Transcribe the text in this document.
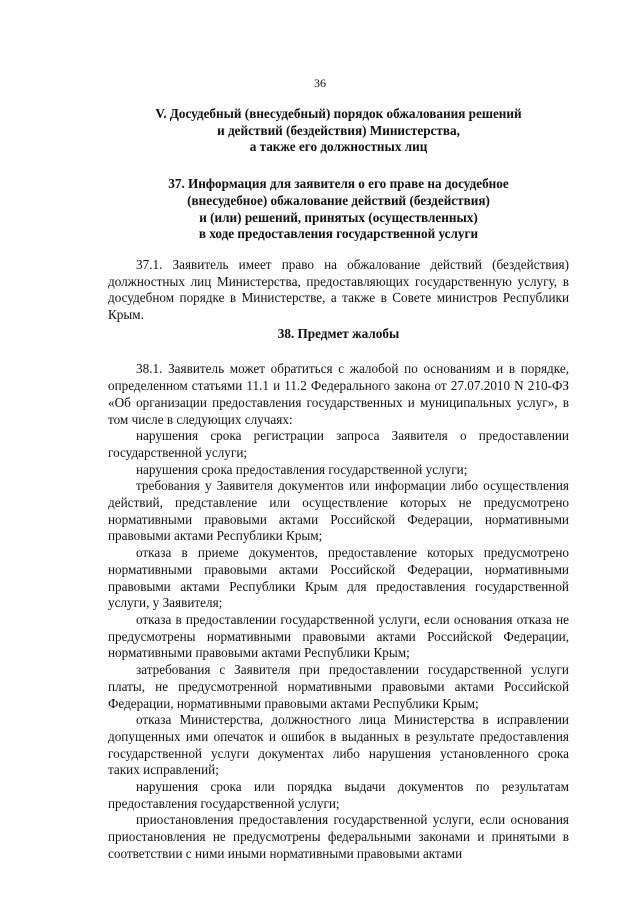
36
V. Досудебный (внесудебный) порядок обжалования решений
и действий (бездействия) Министерства,
а также его должностных лиц
37. Информация для заявителя о его праве на досудебное
(внесудебное) обжалование действий (бездействия)
и (или) решений, принятых (осуществленных)
в ходе предоставления государственной услуги

37.1. Заявитель имеет право на обжалование действий (бездействия) должностных лиц Министерства, предоставляющих государственную услугу, в досудебном порядке в Министерстве, а также в Совете министров Республики Крым.

38. Предмет жалобы

38.1. Заявитель может обратиться с жалобой по основаниям и в порядке, определенном статьями 11.1 и 11.2 Федерального закона от 27.07.2010 N 210-ФЗ «Об организации предоставления государственных и муниципальных услуг», в том числе в следующих случаях:

нарушения срока регистрации запроса Заявителя о предоставлении государственной услуги;

нарушения срока предоставления государственной услуги;

требования у Заявителя документов или информации либо осуществления действий, представление или осуществление которых не предусмотрено нормативными правовыми актами Российской Федерации, нормативными правовыми актами Республики Крым;

отказа в приеме документов, предоставление которых предусмотрено нормативными правовыми актами Российской Федерации, нормативными правовыми актами Республики Крым для предоставления государственной услуги, у Заявителя;

отказа в предоставлении государственной услуги, если основания отказа не предусмотрены нормативными правовыми актами Российской Федерации, нормативными правовыми актами Республики Крым;

затребования с Заявителя при предоставлении государственной услуги платы, не предусмотренной нормативными правовыми актами Российской Федерации, нормативными правовыми актами Республики Крым;

отказа Министерства, должностного лица Министерства в исправлении допущенных ими опечаток и ошибок в выданных в результате предоставления государственной услуги документах либо нарушения установленного срока таких исправлений;

нарушения срока или порядка выдачи документов по результатам предоставления государственной услуги;

приостановления предоставления государственной услуги, если основания приостановления не предусмотрены федеральными законами и принятыми в соответствии с ними иными нормативными правовыми актами
